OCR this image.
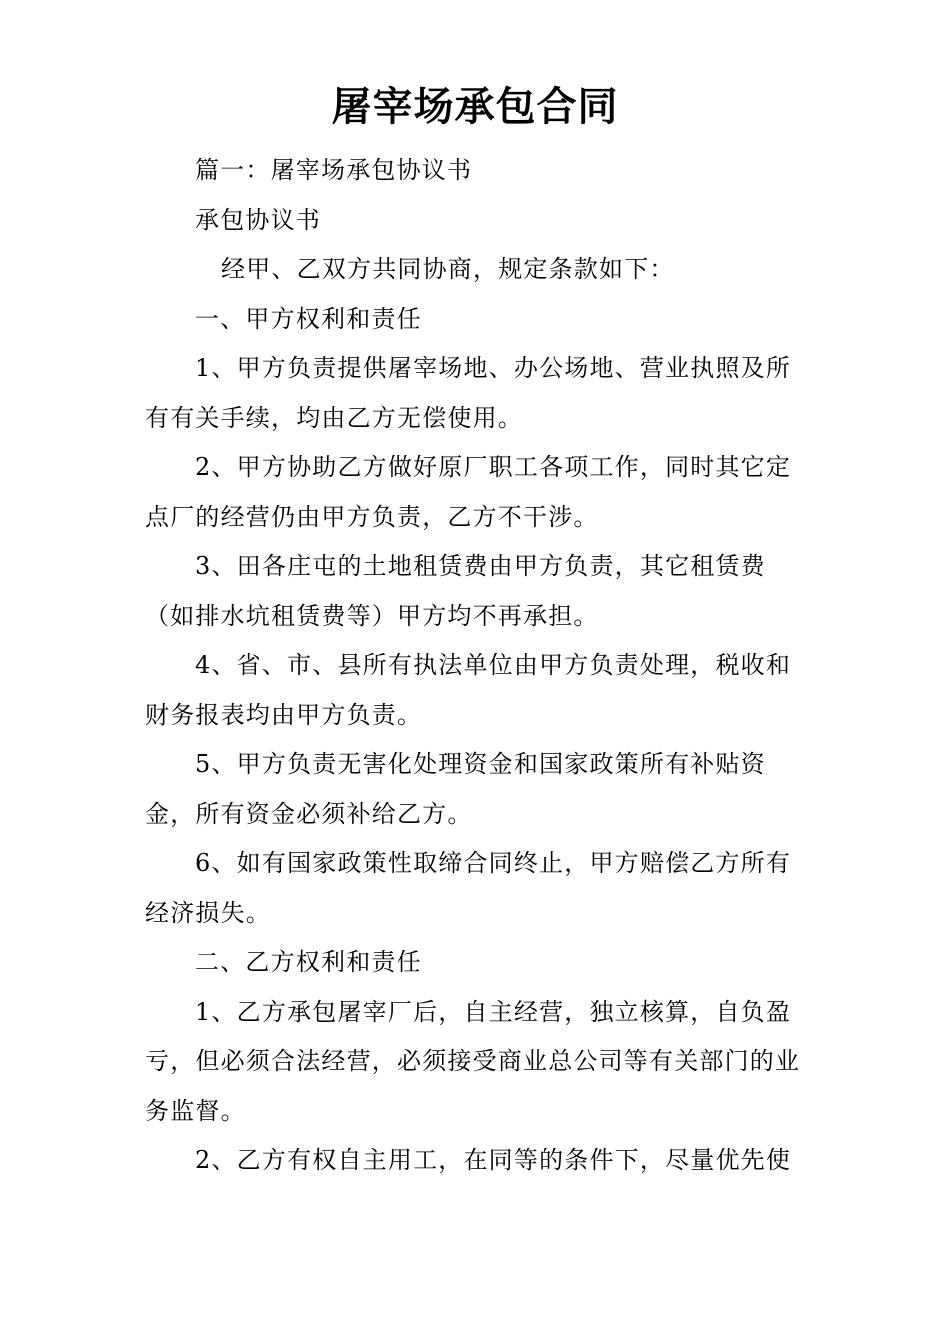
屠宰场承包合同

篇一：屠宰场承包协议书

承包协议书

经甲、乙双方共同协商，规定条款如下：

一、甲方权利和责任

1、甲方负责提供屠宰场地、办公场地、营业执照及所有有关手续，均由乙方无偿使用。

2、甲方协助乙方做好原厂职工各项工作，同时其它定点厂的经营仍由甲方负责，乙方不干涉。

3、田各庄屯的土地租赁费由甲方负责，其它租赁费（如排水坑租赁费等）甲方均不再承担。

4、省、市、县所有执法单位由甲方负责处理，税收和财务报表均由甲方负责。

5、甲方负责无害化处理资金和国家政策所有补贴资金，所有资金必须补给乙方。

6、如有国家政策性取缔合同终止，甲方赔偿乙方所有经济损失。

二、乙方权利和责任

1、乙方承包屠宰厂后，自主经营，独立核算，自负盈亏，但必须合法经营，必须接受商业总公司等有关部门的业务监督。

2、乙方有权自主用工，在同等的条件下，尽量优先使
